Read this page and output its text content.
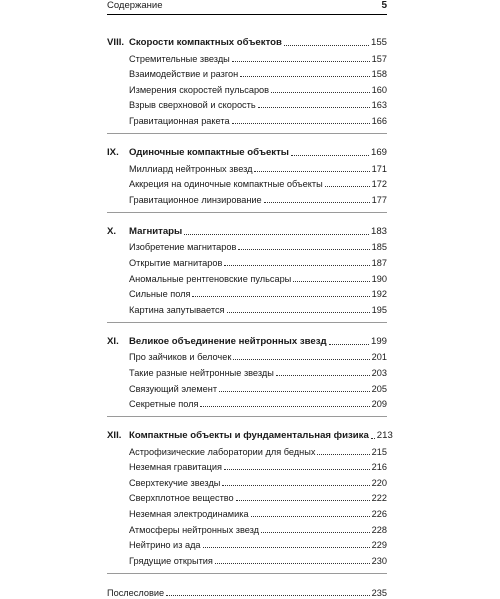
Содержание	5
VIII. Скорости компактных объектов	155
Стремительные звезды	157
Взаимодействие и разгон	158
Измерения скоростей пульсаров	160
Взрыв сверхновой и скорость	163
Гравитационная ракета	166
IX.	Одиночные компактные объекты	169
Миллиард нейтронных звезд	171
Аккреция на одиночные компактные объекты	172
Гравитационное линзирование	177
X.	Магнитары	183
Изобретение магнитаров	185
Открытие магнитаров	187
Аномальные рентгеновские пульсары	190
Сильные поля	192
Картина запутывается	195
XI.	Великое объединение нейтронных звезд	199
Про зайчиков и белочек	201
Такие разные нейтронные звезды	203
Связующий элемент	205
Секретные поля	209
XII. Компактные объекты и фундаментальная физика 213
Астрофизические лаборатории для бедных	215
Неземная гравитация	216
Сверхтекучие звезды	220
Сверхплотное вещество	222
Неземная электродинамика	226
Атмосферы нейтронных звезд	228
Нейтрино из ада	229
Грядущие открытия	230
Послесловие	235
